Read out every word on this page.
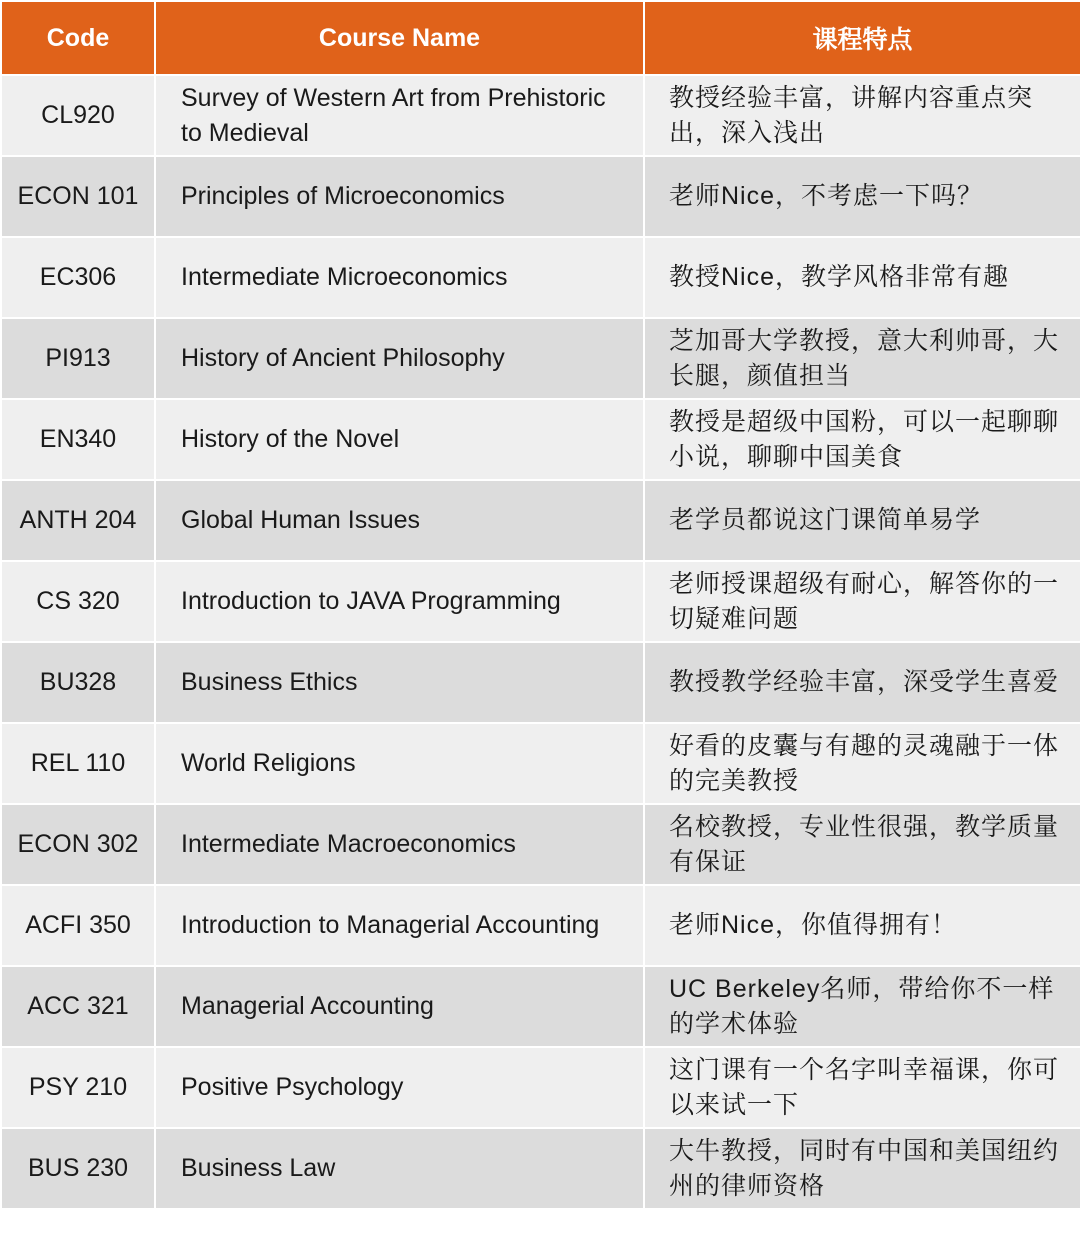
Code	Course Name	课程特点
CL920	Survey of Western Art from Prehistoric to Medieval	教授经验丰富，讲解内容重点突出，深入浅出
ECON 101	Principles of Microeconomics	老师Nice，不考虑一下吗？
EC306	Intermediate Microeconomics	教授Nice，教学风格非常有趣
PI913	History of Ancient Philosophy	芝加哥大学教授，意大利帅哥，大长腿，颜值担当
EN340	History of the Novel	教授是超级中国粉，可以一起聊聊小说，聊聊中国美食
ANTH 204	Global Human Issues	老学员都说这门课简单易学
CS 320	Introduction to JAVA Programming	老师授课超级有耐心，解答你的一切疑难问题
BU328	Business Ethics	教授教学经验丰富，深受学生喜爱
REL 110	World Religions	好看的皮囊与有趣的灵魂融于一体的完美教授
ECON 302	Intermediate Macroeconomics	名校教授，专业性很强，教学质量有保证
ACFI 350	Introduction to Managerial Accounting	老师Nice，你值得拥有！
ACC 321	Managerial Accounting	UC Berkeley名师，带给你不一样的学术体验
PSY 210	Positive Psychology	这门课有一个名字叫幸福课，你可以来试一下
BUS 230	Business Law	大牛教授，同时有中国和美国纽约州的律师资格
